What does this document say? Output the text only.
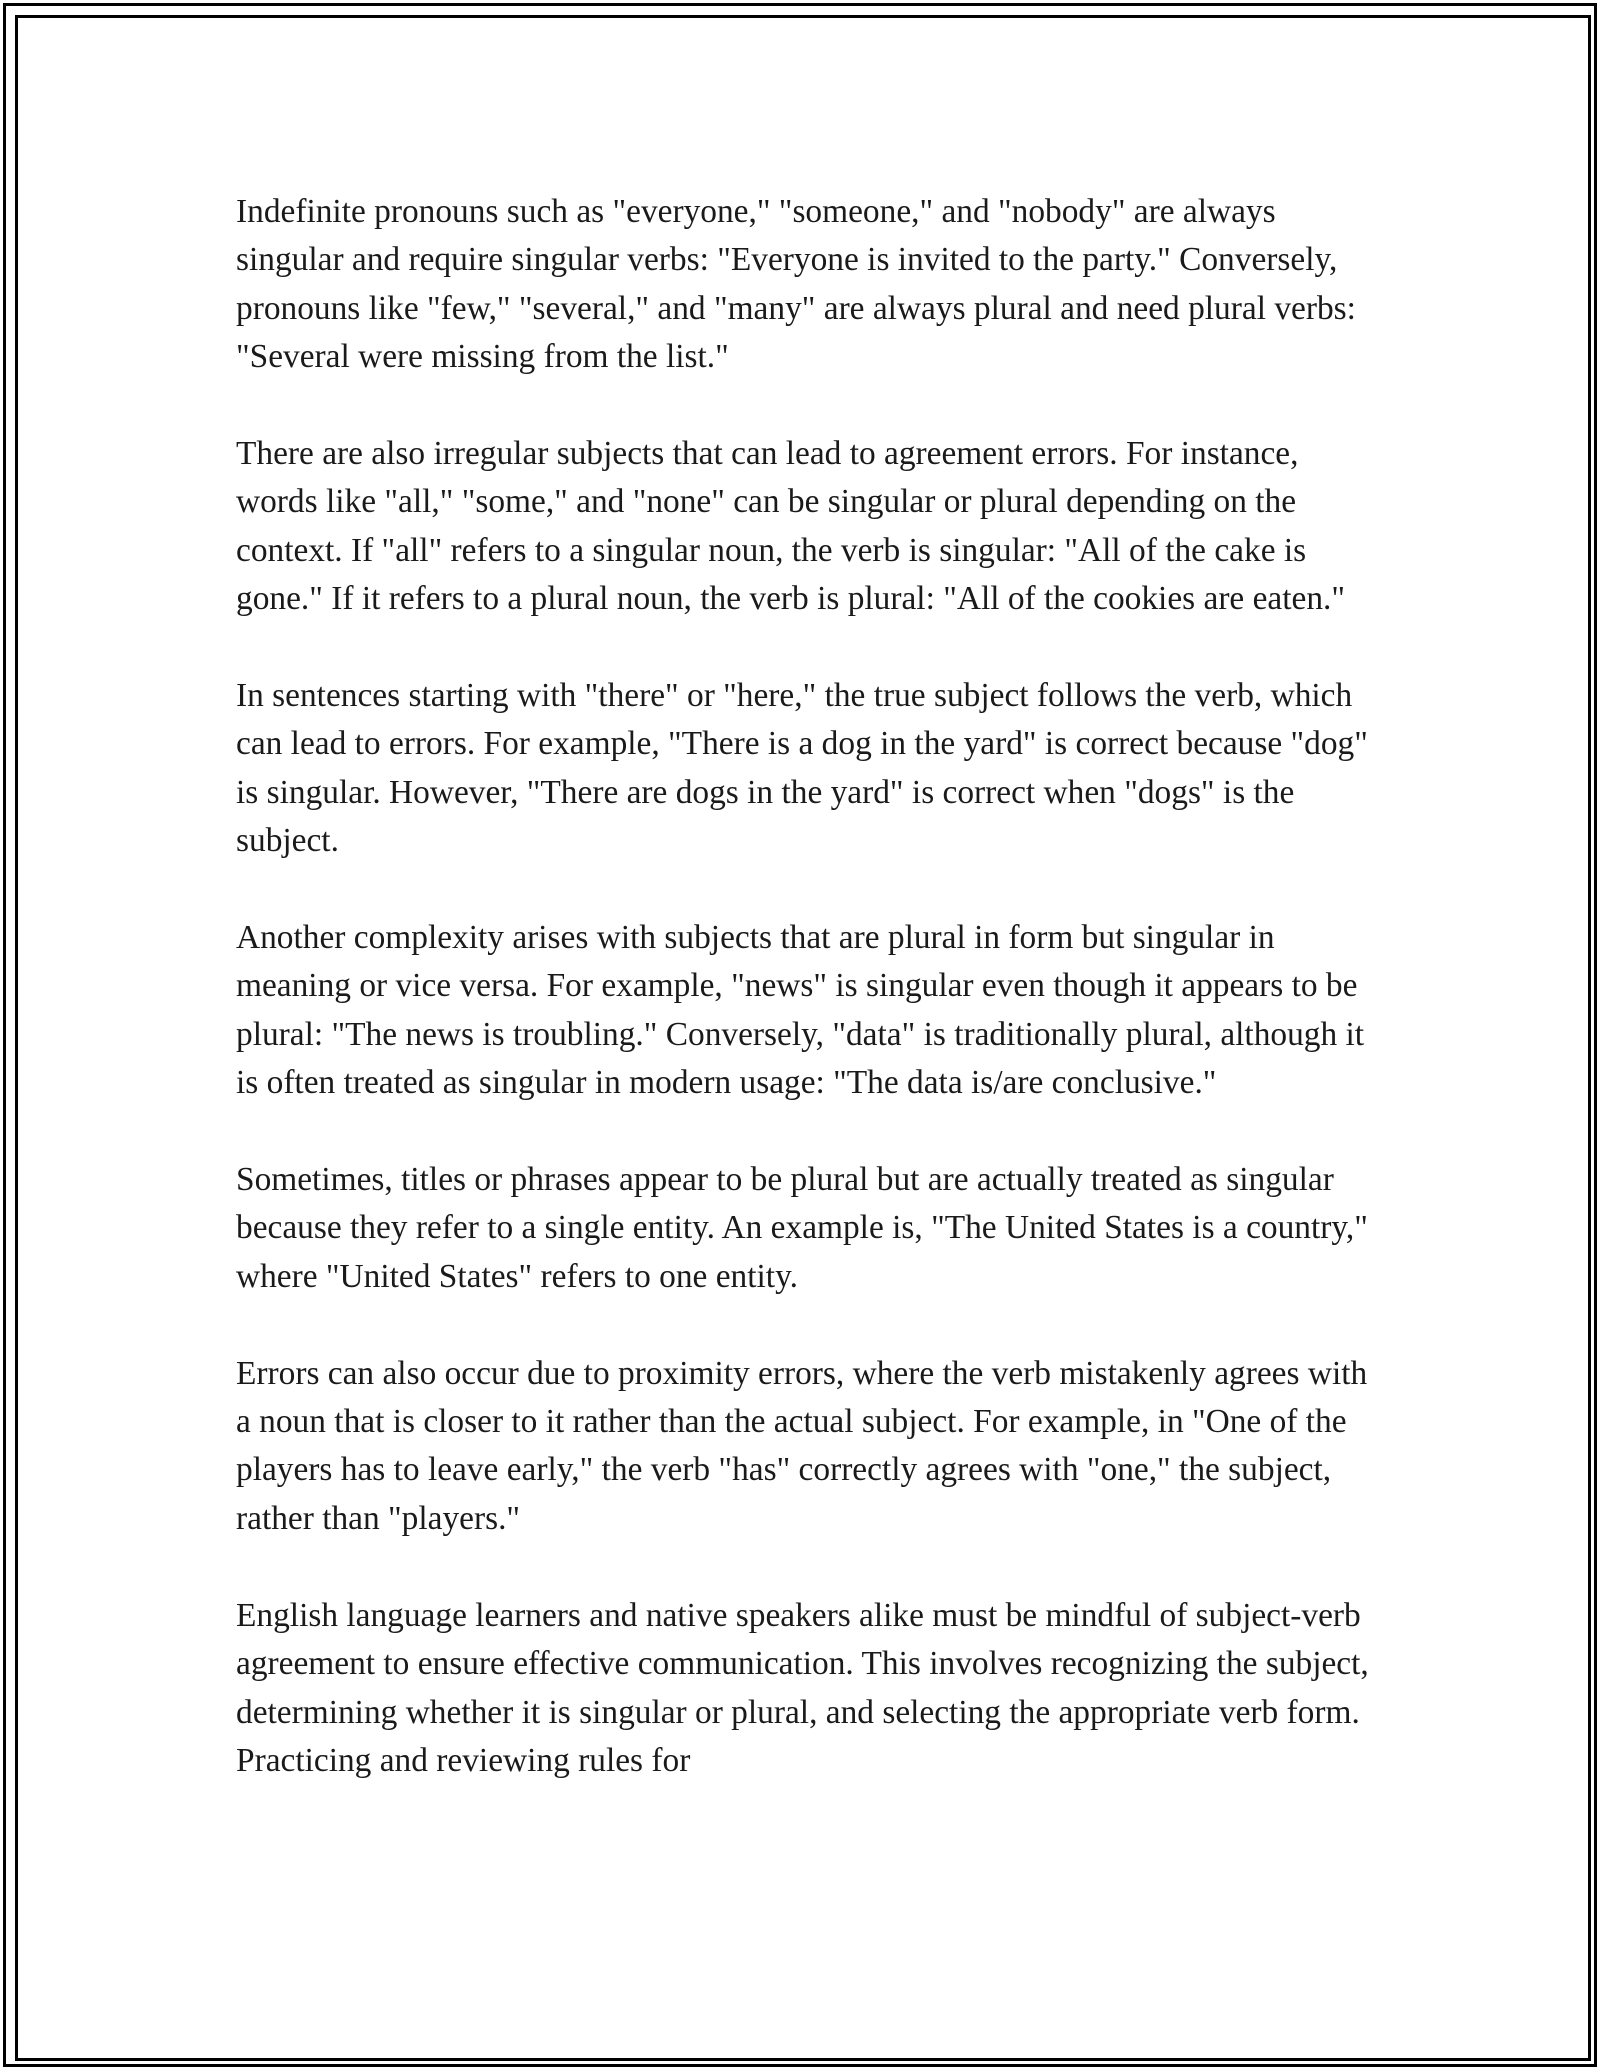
Indefinite pronouns such as "everyone," "someone," and "nobody" are always singular and require singular verbs: "Everyone is invited to the party." Conversely, pronouns like "few," "several," and "many" are always plural and need plural verbs: "Several were missing from the list."

There are also irregular subjects that can lead to agreement errors. For instance, words like "all," "some," and "none" can be singular or plural depending on the context. If "all" refers to a singular noun, the verb is singular: "All of the cake is gone." If it refers to a plural noun, the verb is plural: "All of the cookies are eaten."

In sentences starting with "there" or "here," the true subject follows the verb, which can lead to errors. For example, "There is a dog in the yard" is correct because "dog" is singular. However, "There are dogs in the yard" is correct when "dogs" is the subject.

Another complexity arises with subjects that are plural in form but singular in meaning or vice versa. For example, "news" is singular even though it appears to be plural: "The news is troubling." Conversely, "data" is traditionally plural, although it is often treated as singular in modern usage: "The data is/are conclusive."

Sometimes, titles or phrases appear to be plural but are actually treated as singular because they refer to a single entity. An example is, "The United States is a country," where "United States" refers to one entity.

Errors can also occur due to proximity errors, where the verb mistakenly agrees with a noun that is closer to it rather than the actual subject. For example, in "One of the players has to leave early," the verb "has" correctly agrees with "one," the subject, rather than "players."

English language learners and native speakers alike must be mindful of subject-verb agreement to ensure effective communication. This involves recognizing the subject, determining whether it is singular or plural, and selecting the appropriate verb form. Practicing and reviewing rules for
